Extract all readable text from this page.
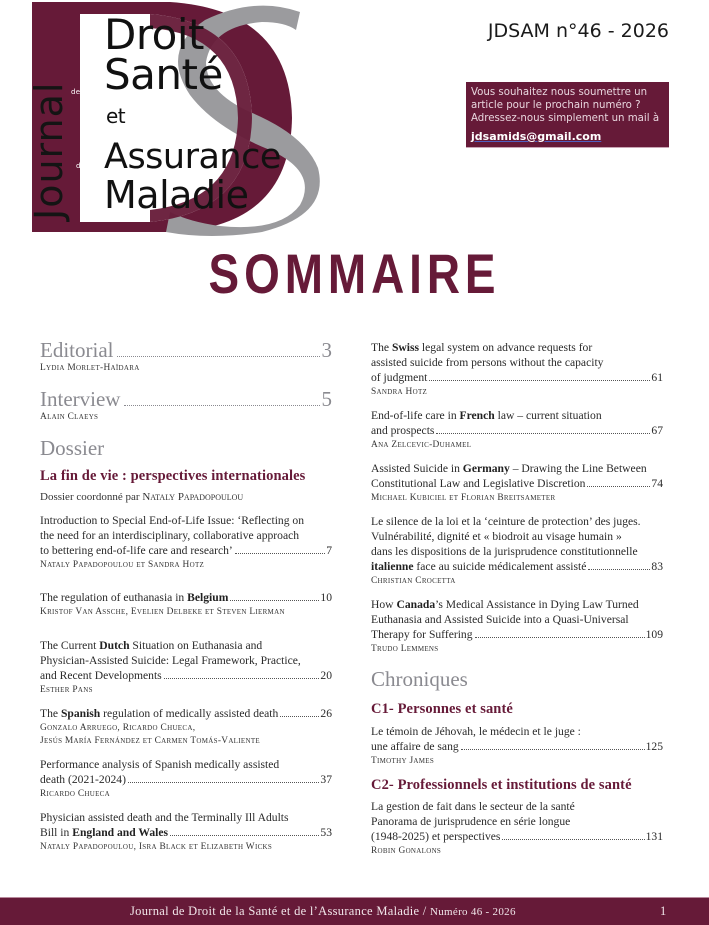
Journal
de
de la
de l'
Droit
Santé
et
Assurance
Maladie
JDSAM n°46 - 2026
Vous souhaitez nous soumettre un
article pour le prochain numéro ?
Adressez-nous simplement un mail à
jdsamids@gmail.com
SOMMAIRE
Editorial	3
Lydia Morlet-Haïdara
Interview	5
Alain Claeys
Dossier
La fin de vie : perspectives internationales
Dossier coordonné par Nataly Papadopoulou
Introduction to Special End-of-Life Issue: ‘Reflecting on
the need for an interdisciplinary, collaborative approach
to bettering end-of-life care and research’	7
Nataly Papadopoulou et Sandra Hotz
The regulation of euthanasia in Belgium	10
Kristof Van Assche, Evelien Delbeke et Steven Lierman
The Current Dutch Situation on Euthanasia and
Physician-Assisted Suicide: Legal Framework, Practice,
and Recent Developments	20
Esther Pans
The Spanish regulation of medically assisted death	26
Gonzalo Arruego, Ricardo Chueca,
Jesús María Fernández et Carmen Tomás-Valiente
Performance analysis of Spanish medically assisted
death (2021-2024)	37
Ricardo Chueca
Physician assisted death and the Terminally Ill Adults
Bill in England and Wales	53
Nataly Papadopoulou, Isra Black et Elizabeth Wicks
The Swiss legal system on advance requests for
assisted suicide from persons without the capacity
of judgment	61
Sandra Hotz
End-of-life care in French law – current situation
and prospects	67
Ana Zelcevic-Duhamel
Assisted Suicide in Germany – Drawing the Line Between
Constitutional Law and Legislative Discretion	74
Michael Kubiciel et Florian Breitsameter
Le silence de la loi et la ‘ceinture de protection’ des juges.
Vulnérabilité, dignité et « biodroit au visage humain »
dans les dispositions de la jurisprudence constitutionnelle
italienne face au suicide médicalement assisté	83
Christian Crocetta
How Canada’s Medical Assistance in Dying Law Turned
Euthanasia and Assisted Suicide into a Quasi-Universal
Therapy for Suffering	109
Trudo Lemmens
Chroniques
C1- Personnes et santé
Le témoin de Jéhovah, le médecin et le juge :
une affaire de sang	125
Timothy James
C2- Professionnels et institutions de santé
La gestion de fait dans le secteur de la santé
Panorama de jurisprudence en série longue
(1948-2025) et perspectives	131
Robin Gonalons
Journal de Droit de la Santé et de l’Assurance Maladie / Numéro 46 - 2026	1
